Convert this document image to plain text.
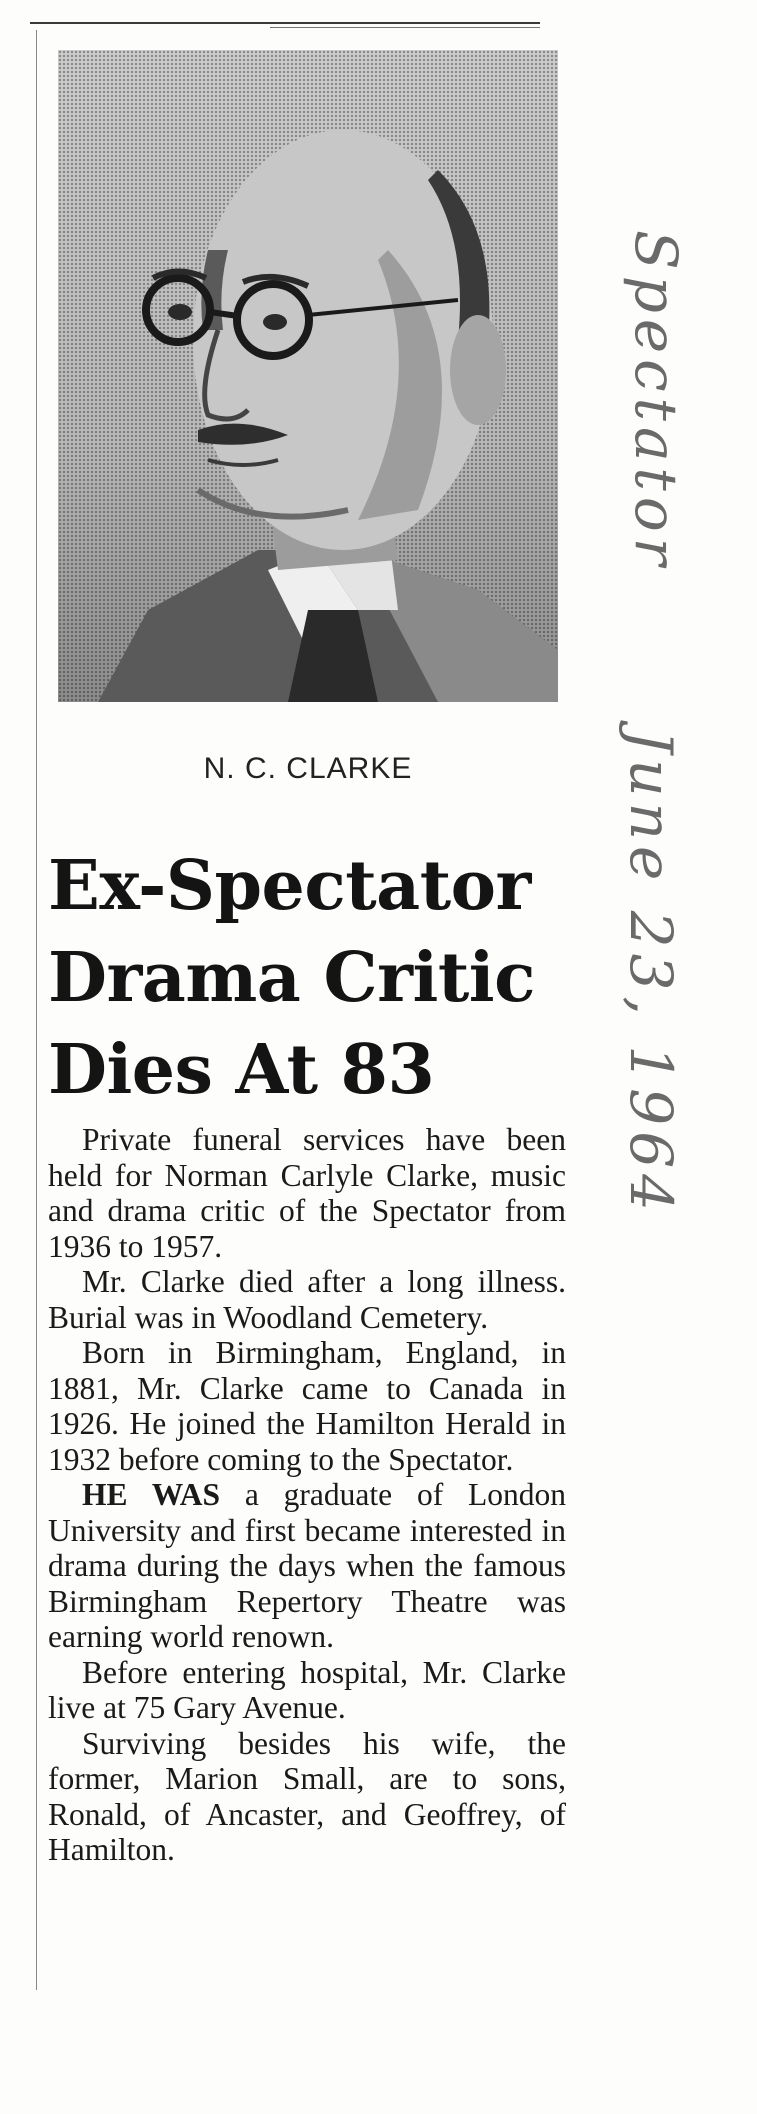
N. C. CLARKE
Ex-Spectator
Drama Critic
Dies At 83

Private funeral services have been held for Norman Carlyle Clarke, music and drama critic of the Spectator from 1936 to 1957.

Mr. Clarke died after a long illness. Burial was in Woodland Cemetery.

Born in Birmingham, England, in 1881, Mr. Clarke came to Canada in 1926. He joined the Hamilton Herald in 1932 before coming to the Spectator.

HE WAS a graduate of London University and first became interested in drama during the days when the famous Birmingham Repertory Theatre was earning world renown.

Before entering hospital, Mr. Clarke live at 75 Gary Avenue.

Surviving besides his wife, the former, Marion Small, are to sons, Ronald, of Ancaster, and Geoffrey, of Hamilton.

Spectator
June 23, 1964
